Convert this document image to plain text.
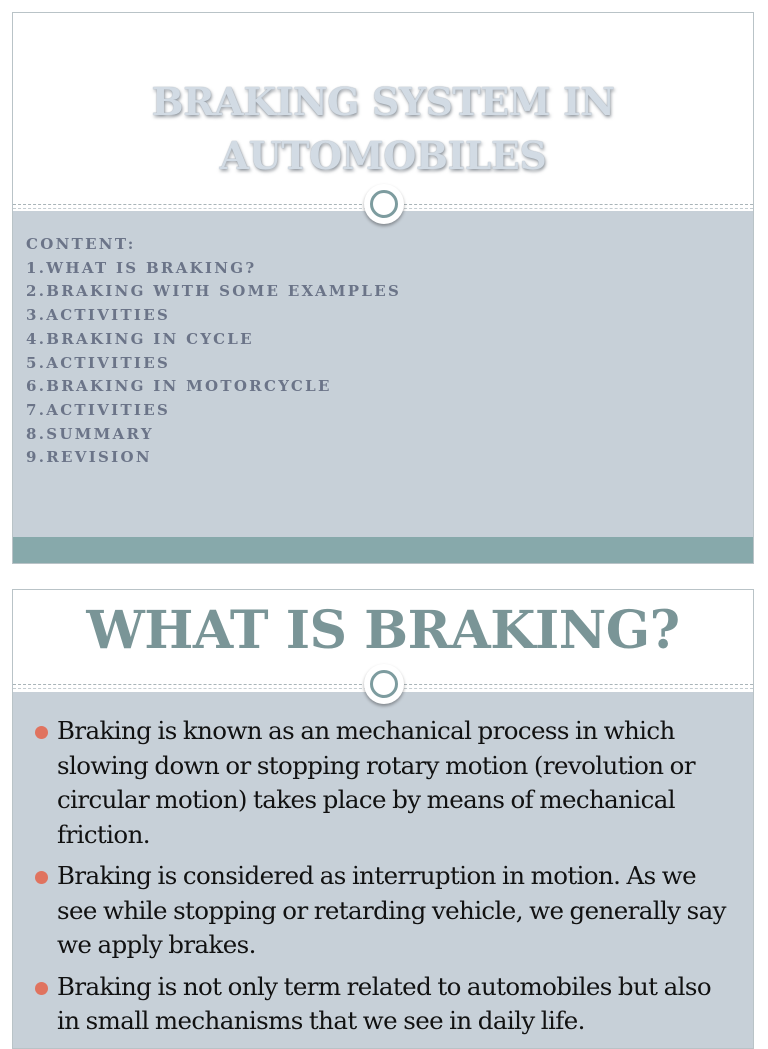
BRAKING SYSTEM IN
AUTOMOBILES
CONTENT:
1.WHAT IS BRAKING?
2.BRAKING WITH SOME EXAMPLES
3.ACTIVITIES
4.BRAKING IN CYCLE
5.ACTIVITIES
6.BRAKING IN MOTORCYCLE
7.ACTIVITIES
8.SUMMARY
9.REVISION
WHAT IS BRAKING?
Braking is known as an mechanical process in which slowing down or stopping rotary motion (revolution or circular motion) takes place by means of mechanical friction.
Braking is considered as interruption in motion. As we see while stopping or retarding vehicle, we generally say we apply brakes.
Braking is not only term related to automobiles but also in small mechanisms that we see in daily life.
